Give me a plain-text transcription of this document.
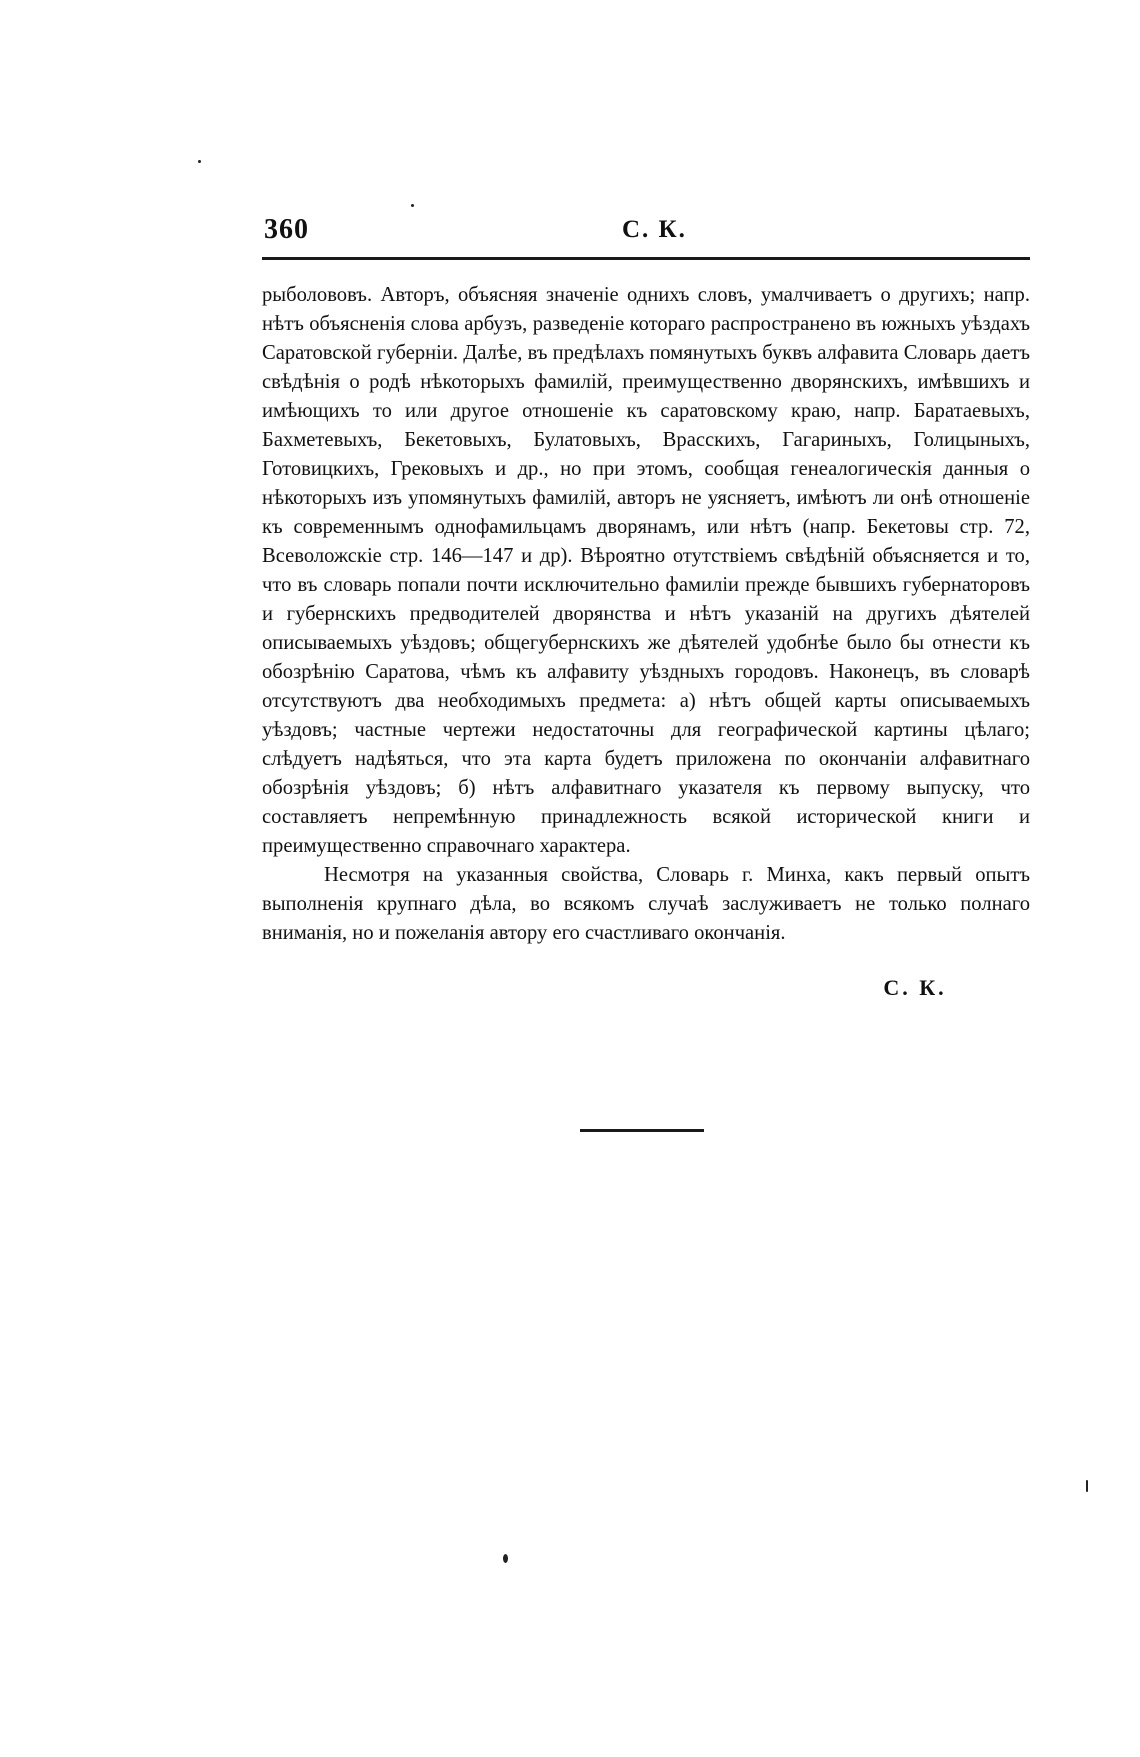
360	С. К.

рыболововъ. Авторъ, объясняя значеніе однихъ словъ, умалчиваетъ о другихъ; напр. нѣтъ объясненія слова арбузъ, разведеніе котораго распространено въ южныхъ уѣздахъ Саратовской губерніи. Далѣе, въ предѣлахъ помянутыхъ буквъ алфавита Словарь даетъ свѣдѣнія о родѣ нѣкоторыхъ фамилій, преимущественно дворянскихъ, имѣвшихъ и имѣющихъ то или другое отношеніе къ саратовскому краю, напр. Баратаевыхъ, Бахметевыхъ, Бекетовыхъ, Булатовыхъ, Врасскихъ, Гагариныхъ, Голицыныхъ, Готовицкихъ, Грековыхъ и др., но при этомъ, сообщая генеалогическія данныя о нѣкоторыхъ изъ упомянутыхъ фамилій, авторъ не уясняетъ, имѣютъ ли онѣ отношеніе къ современнымъ однофамильцамъ дворянамъ, или нѣтъ (напр. Бекетовы стр. 72, Всеволожскіе стр. 146—147 и др). Вѣроятно отутствіемъ свѣдѣній объясняется и то, что въ словарь попали почти исключительно фамиліи прежде бывшихъ губернаторовъ и губернскихъ предводителей дворянства и нѣтъ указаній на другихъ дѣятелей описываемыхъ уѣздовъ; общегубернскихъ же дѣятелей удобнѣе было бы отнести къ обозрѣнію Саратова, чѣмъ къ алфавиту уѣздныхъ городовъ. Наконецъ, въ словарѣ отсутствуютъ два необходимыхъ предмета: а) нѣтъ общей карты описываемыхъ уѣздовъ; частные чертежи недостаточны для географической картины цѣлаго; слѣдуетъ надѣяться, что эта карта будетъ приложена по окончаніи алфавитнаго обозрѣнія уѣздовъ; б) нѣтъ алфавитнаго указателя къ первому выпуску, что составляетъ непремѣнную принадлежность всякой исторической книги и преимущественно справочнаго характера.

Несмотря на указанныя свойства, Словарь г. Минха, какъ первый опытъ выполненія крупнаго дѣла, во всякомъ случаѣ заслуживаетъ не только полнаго вниманія, но и пожеланія автору его счастливаго окончанія.

С. К.
